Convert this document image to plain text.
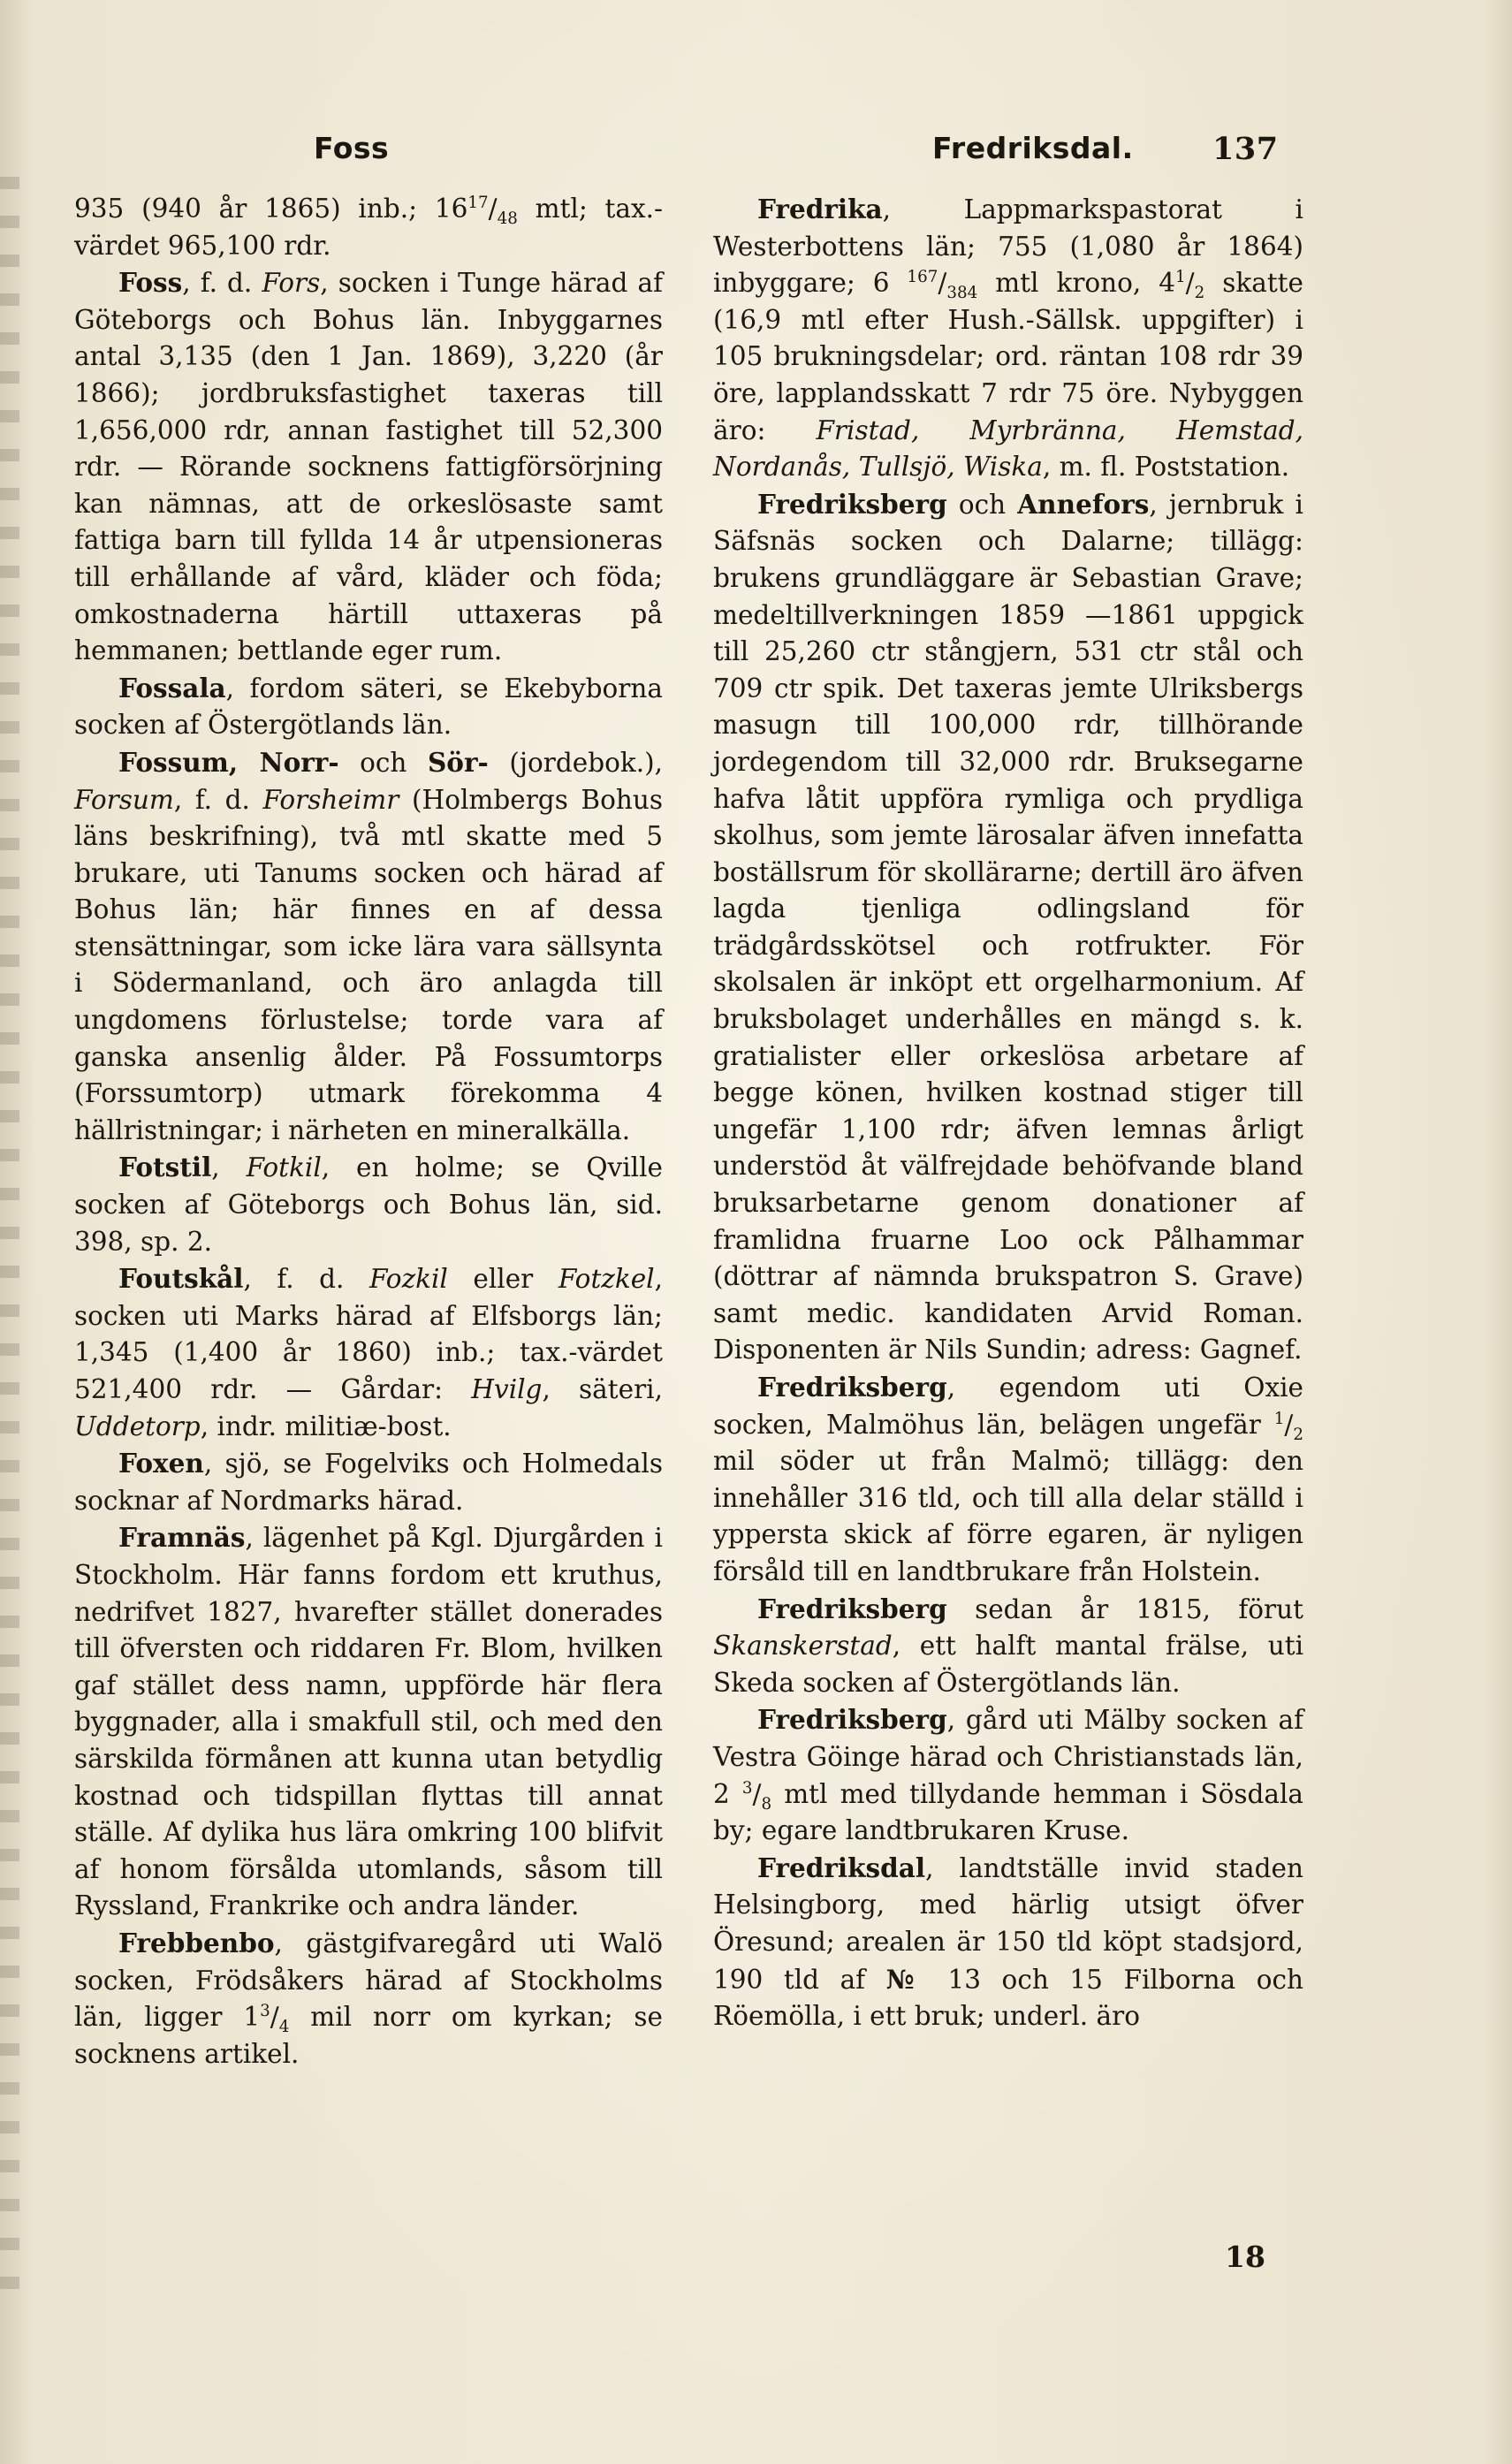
Foss	Fredriksdal.	137

935 (940 år 1865) inb.; $16^{17}/_{48}$ mtl; tax.-värdet 965,100 rdr.

Foss, f. d. Fors, socken i Tunge härad af Göteborgs och Bohus län. Inbyggarnes antal 3,135 (den 1 Jan. 1869), 3,220 (år 1866); jordbruksfastighet taxeras till 1,656,000 rdr, annan fastighet till 52,300 rdr. — Rörande socknens fattigförsörjning kan nämnas, att de orkeslösaste samt fattiga barn till fyllda 14 år utpensioneras till erhållande af vård, kläder och föda; omkostnaderna härtill uttaxeras på hemmanen; bettlande eger rum.

Fossala, fordom säteri, se Ekebyborna socken af Östergötlands län.

Fossum, Norr- och Sör- (jordebok.), Forsum, f. d. Forsheimr (Holmbergs Bohus läns beskrifning), två mtl skatte med 5 brukare, uti Tanums socken och härad af Bohus län; här finnes en af dessa stensättningar, som icke lära vara sällsynta i Södermanland, och äro anlagda till ungdomens förlustelse; torde vara af ganska ansenlig ålder. På Fossumtorps (Forssumtorp) utmark förekomma 4 hällristningar; i närheten en mineralkälla.

Fotstil, Fotkil, en holme; se Qville socken af Göteborgs och Bohus län, sid. 398, sp. 2.

Foutskål, f. d. Fozkil eller Fotzkel, socken uti Marks härad af Elfsborgs län; 1,345 (1,400 år 1860) inb.; tax.-värdet 521,400 rdr. — Gårdar: Hvilg, säteri, Uddetorp, indr. militiæ-bost.

Foxen, sjö, se Fogelviks och Holmedals socknar af Nordmarks härad.

Framnäs, lägenhet på Kgl. Djurgården i Stockholm. Här fanns fordom ett kruthus, nedrifvet 1827, hvarefter stället donerades till öfversten och riddaren Fr. Blom, hvilken gaf stället dess namn, uppförde här flera byggnader, alla i smakfull stil, och med den särskilda förmånen att kunna utan betydlig kostnad och tidspillan flyttas till annat ställe. Af dylika hus lära omkring 100 blifvit af honom försålda utomlands, såsom till Ryssland, Frankrike och andra länder.

Frebbenbo, gästgifvaregård uti Walö socken, Frödsåkers härad af Stockholms län, ligger $1^3/_4$ mil norr om kyrkan; se socknens artikel.

Fredrika, Lappmarkspastorat i Westerbottens län; 755 (1,080 år 1864) inbyggare; 6 $^{167}/_{384}$ mtl krono, $4^1/_2$ skatte (16,9 mtl efter Hush.-Sällsk. uppgifter) i 105 brukningsdelar; ord. räntan 108 rdr 39 öre, lapplandsskatt 7 rdr 75 öre. Nybyggen äro: Fristad, Myrbränna, Hemstad, Nordanås, Tullsjö, Wiska, m. fl. Poststation.

Fredriksberg och Annefors, jernbruk i Säfsnäs socken och Dalarne; tillägg: brukens grundläggare är Sebastian Grave; medeltillverkningen 1859 —1861 uppgick till 25,260 ctr stångjern, 531 ctr stål och 709 ctr spik. Det taxeras jemte Ulriksbergs masugn till 100,000 rdr, tillhörande jordegendom till 32,000 rdr. Bruksegarne hafva låtit uppföra rymliga och prydliga skolhus, som jemte lärosalar äfven innefatta boställsrum för skollärarne; dertill äro äfven lagda tjenliga odlingsland för trädgårdsskötsel och rotfrukter. För skolsalen är inköpt ett orgelharmonium. Af bruksbolaget underhålles en mängd s. k. gratialister eller orkeslösa arbetare af begge könen, hvilken kostnad stiger till ungefär 1,100 rdr; äfven lemnas årligt understöd åt välfrejdade behöfvande bland bruksarbetarne genom donationer af framlidna fruarne Loo ock Pålhammar (döttrar af nämnda brukspatron S. Grave) samt medic. kandidaten Arvid Roman. Disponenten är Nils Sundin; adress: Gagnef.

Fredriksberg, egendom uti Oxie socken, Malmöhus län, belägen ungefär $^1/_2$ mil söder ut från Malmö; tillägg: den innehåller 316 tld, och till alla delar ställd i yppersta skick af förre egaren, är nyligen försåld till en landtbrukare från Holstein.

Fredriksberg sedan år 1815, förut Skanskerstad, ett halft mantal frälse, uti Skeda socken af Östergötlands län.

Fredriksberg, gård uti Mälby socken af Vestra Göinge härad och Christianstads län, 2 $^3/_8$ mtl med tillydande hemman i Sösdala by; egare landtbrukaren Kruse.

Fredriksdal, landtställe invid staden Helsingborg, med härlig utsigt öfver Öresund; arealen är 150 tld köpt stadsjord, 190 tld af № 13 och 15 Filborna och Röemölla, i ett bruk; underl. äro

18
